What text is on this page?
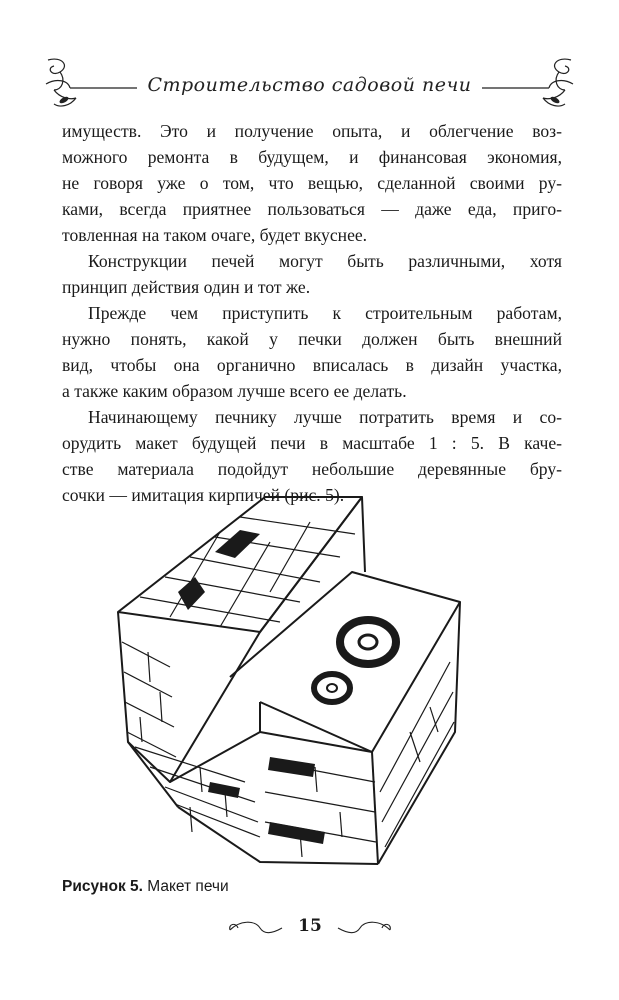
Строительство садовой печи
имуществ. Это и получение опыта, и облегчение воз-
можного ремонта в будущем, и финансовая экономия,
не говоря уже о том, что вещью, сделанной своими ру-
ками, всегда приятнее пользоваться — даже еда, приго-
товленная на таком очаге, будет вкуснее.
Конструкции печей могут быть различными, хотя
принцип действия один и тот же.
Прежде чем приступить к строительным работам,
нужно понять, какой у печки должен быть внешний
вид, чтобы она органично вписалась в дизайн участка,
а также каким образом лучше всего ее делать.
Начинающему печнику лучше потратить время и со-
орудить макет будущей печи в масштабе 1 : 5. В каче-
стве материала подойдут небольшие деревянные бру-
сочки — имитация кирпичей (рис. 5).
Рисунок 5. Макет печи
15
